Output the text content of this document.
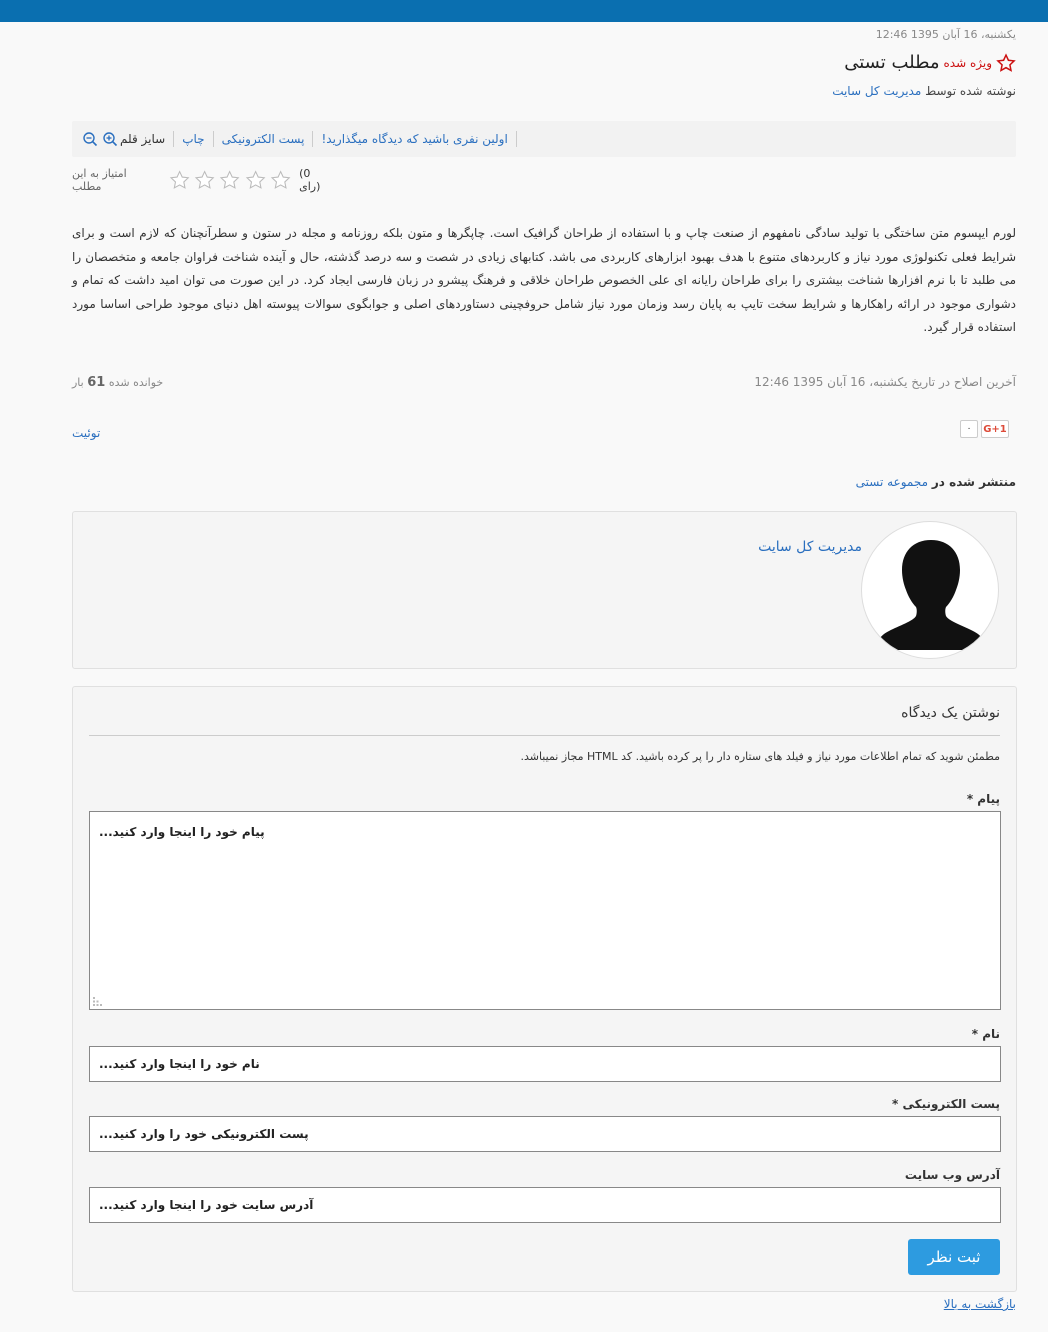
یکشنبه، 16 آبان 1395 12:46
مطلب تستی ویژه شده
نوشته شده توسط مدیریت کل سایت
سایز قلم	چاپ	پست الکترونیکی	اولین نفری باشید که دیدگاه میگذارید!
امتیاز به این مطلب
(0 رای)
لورم ایپسوم متن ساختگی با تولید سادگی نامفهوم از صنعت چاپ و با استفاده از طراحان گرافیک است. چاپگرها و متون بلکه روزنامه و مجله در ستون و سطرآنچنان که لازم است و برای شرایط فعلی تکنولوژی مورد نیاز و کاربردهای متنوع با هدف بهبود ابزارهای کاربردی می باشد. کتابهای زیادی در شصت و سه درصد گذشته، حال و آینده شناخت فراوان جامعه و متخصصان را می طلبد تا با نرم افزارها شناخت بیشتری را برای طراحان رایانه ای علی الخصوص طراحان خلاقی و فرهنگ پیشرو در زبان فارسی ایجاد کرد. در این صورت می توان امید داشت که تمام و دشواری موجود در ارائه راهکارها و شرایط سخت تایپ به پایان رسد وزمان مورد نیاز شامل حروفچینی دستاوردهای اصلی و جوابگوی سوالات پیوسته اهل دنیای موجود طراحی اساسا مورد استفاده قرار گیرد.
آخرین اصلاح در تاریخ یکشنبه، 16 آبان 1395 12:46
خوانده شده 61 بار
۰	G+1
توئیت
منتشر شده در مجموعه تستی
مدیریت کل سایت
نوشتن یک دیدگاه
مطمئن شوید که تمام اطلاعات مورد نیاز و فیلد های ستاره دار را پر کرده باشید. کد HTML مجاز نمیباشد.
پیام *
پیام خود را اینجا وارد کنید...
نام *
نام خود را اینجا وارد کنید...
پست الکترونیکی *
پست الکترونیکی خود را وارد کنید...
آدرس وب سایت
آدرس سایت خود را اینجا وارد کنید...
ثبت نظر
بازگشت به بالا
